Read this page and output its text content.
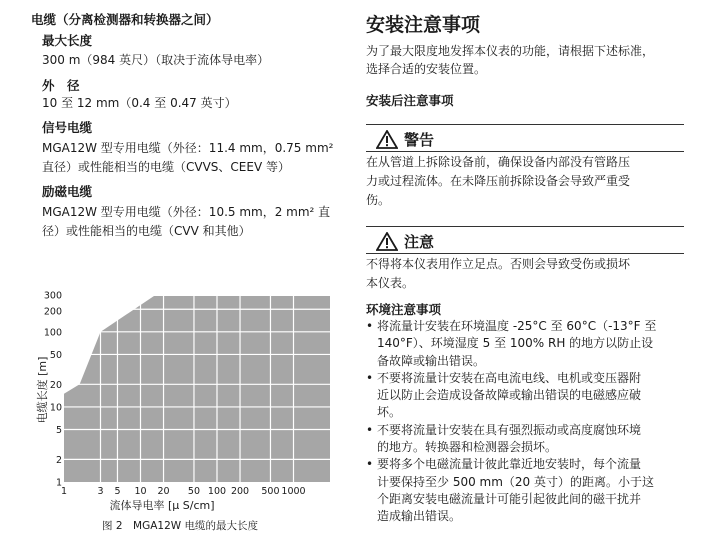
电缆（分离检测器和转换器之间）
最大长度
300 m（984 英尺）（取决于流体导电率）
外　径
10 至 12 mm（0.4 至 0.47 英寸）
信号电缆
MGA12W 型专用电缆（外径：11.4 mm，0.75 mm²
直径）或性能相当的电缆（CVVS、CEEV 等）
励磁电缆
MGA12W 型专用电缆（外径：10.5 mm，2 mm² 直
径）或性能相当的电缆（CVV 和其他）
1	3 5 10 20 50 100 200 500 1000
1
2
5
10
20
50
100
200
300
流体导电率 [μ S/cm]
电缆长度 [m]
图 2　MGA12W 电缆的最大长度
安装注意事项
为了最大限度地发挥本仪表的功能，请根据下述标准，
选择合适的安装位置。
安装后注意事项
警告
在从管道上拆除设备前，确保设备内部没有管路压
力或过程流体。在未降压前拆除设备会导致严重受
伤。
注意
不得将本仪表用作立足点。否则会导致受伤或损坏
本仪表。
环境注意事项
• 将流量计安装在环境温度 -25°C 至 60°C（-13°F 至
140°F）、环境湿度 5 至 100% RH 的地方以防止设
备故障或输出错误。
• 不要将流量计安装在高电流电线、电机或变压器附
近以防止会造成设备故障或输出错误的电磁感应破
坏。
• 不要将流量计安装在具有强烈振动或高度腐蚀环境
的地方。转换器和检测器会损坏。
• 要将多个电磁流量计彼此靠近地安装时，每个流量
计要保持至少 500 mm（20 英寸）的距离。小于这
个距离安装电磁流量计可能引起彼此间的磁干扰并
造成输出错误。
